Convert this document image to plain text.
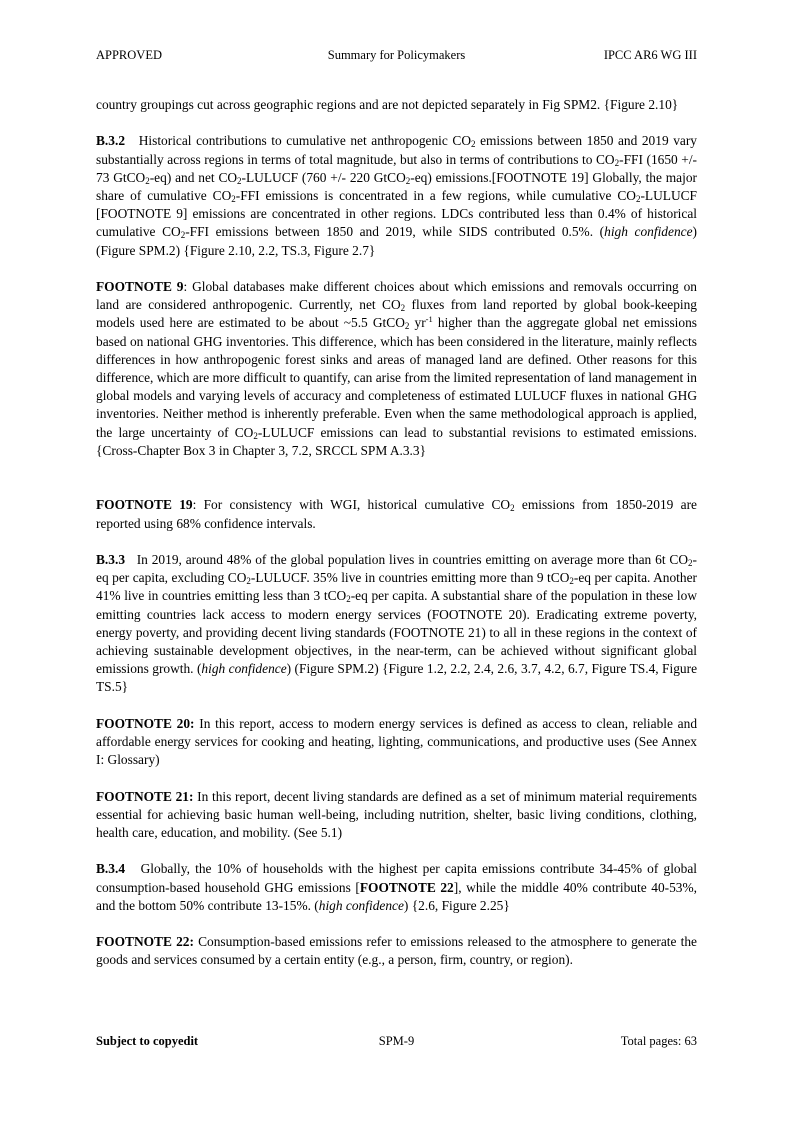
APPROVED	Summary for Policymakers	IPCC AR6 WG III

country groupings cut across geographic regions and are not depicted separately in Fig SPM2. {Figure 2.10}

B.3.2 Historical contributions to cumulative net anthropogenic $CO_2$ emissions between 1850 and 2019 vary substantially across regions in terms of total magnitude, but also in terms of contributions to $CO_2$-FFI (1650 +/- 73 GtCO$_2$-eq) and net $CO_2$-LULUCF (760 +/- 220 GtCO$_2$-eq) emissions.[FOOTNOTE 19] Globally, the major share of cumulative $CO_2$-FFI emissions is concentrated in a few regions, while cumulative $CO_2$-LULUCF [FOOTNOTE 9] emissions are concentrated in other regions. LDCs contributed less than 0.4% of historical cumulative $CO_2$-FFI emissions between 1850 and 2019, while SIDS contributed 0.5%. (high confidence) (Figure SPM.2) {Figure 2.10, 2.2, TS.3, Figure 2.7}

FOOTNOTE 9: Global databases make different choices about which emissions and removals occurring on land are considered anthropogenic. Currently, net $CO_2$ fluxes from land reported by global book-keeping models used here are estimated to be about ~5.5 GtCO$_2$ $yr^{-1}$ higher than the aggregate global net emissions based on national GHG inventories. This difference, which has been considered in the literature, mainly reflects differences in how anthropogenic forest sinks and areas of managed land are defined. Other reasons for this difference, which are more difficult to quantify, can arise from the limited representation of land management in global models and varying levels of accuracy and completeness of estimated LULUCF fluxes in national GHG inventories. Neither method is inherently preferable. Even when the same methodological approach is applied, the large uncertainty of $CO_2$-LULUCF emissions can lead to substantial revisions to estimated emissions. {Cross-Chapter Box 3 in Chapter 3, 7.2, SRCCL SPM A.3.3}

FOOTNOTE 19: For consistency with WGI, historical cumulative $CO_2$ emissions from 1850-2019 are reported using 68% confidence intervals.

B.3.3 In 2019, around 48% of the global population lives in countries emitting on average more than 6t $CO_2-eq$ per capita, excluding $CO_2$-LULUCF. 35% live in countries emitting more than 9 tCO$_2$-eq per capita. Another 41% live in countries emitting less than 3 tCO$_2$-eq per capita. A substantial share of the population in these low emitting countries lack access to modern energy services (FOOTNOTE 20). Eradicating extreme poverty, energy poverty, and providing decent living standards (FOOTNOTE 21) to all in these regions in the context of achieving sustainable development objectives, in the near-term, can be achieved without significant global emissions growth. (high confidence) (Figure SPM.2) {Figure 1.2, 2.2, 2.4, 2.6, 3.7, 4.2, 6.7, Figure TS.4, Figure TS.5}

FOOTNOTE 20: In this report, access to modern energy services is defined as access to clean, reliable and affordable energy services for cooking and heating, lighting, communications, and productive uses (See Annex I: Glossary)

FOOTNOTE 21: In this report, decent living standards are defined as a set of minimum material requirements essential for achieving basic human well-being, including nutrition, shelter, basic living conditions, clothing, health care, education, and mobility. (See 5.1)

B.3.4 Globally, the 10% of households with the highest per capita emissions contribute 34-45% of global consumption-based household GHG emissions [FOOTNOTE 22], while the middle 40% contribute 40-53%, and the bottom 50% contribute 13-15%. (high confidence) {2.6, Figure 2.25}

FOOTNOTE 22: Consumption-based emissions refer to emissions released to the atmosphere to generate the goods and services consumed by a certain entity (e.g., a person, firm, country, or region).

Subject to copyedit	SPM-9	Total pages: 63
